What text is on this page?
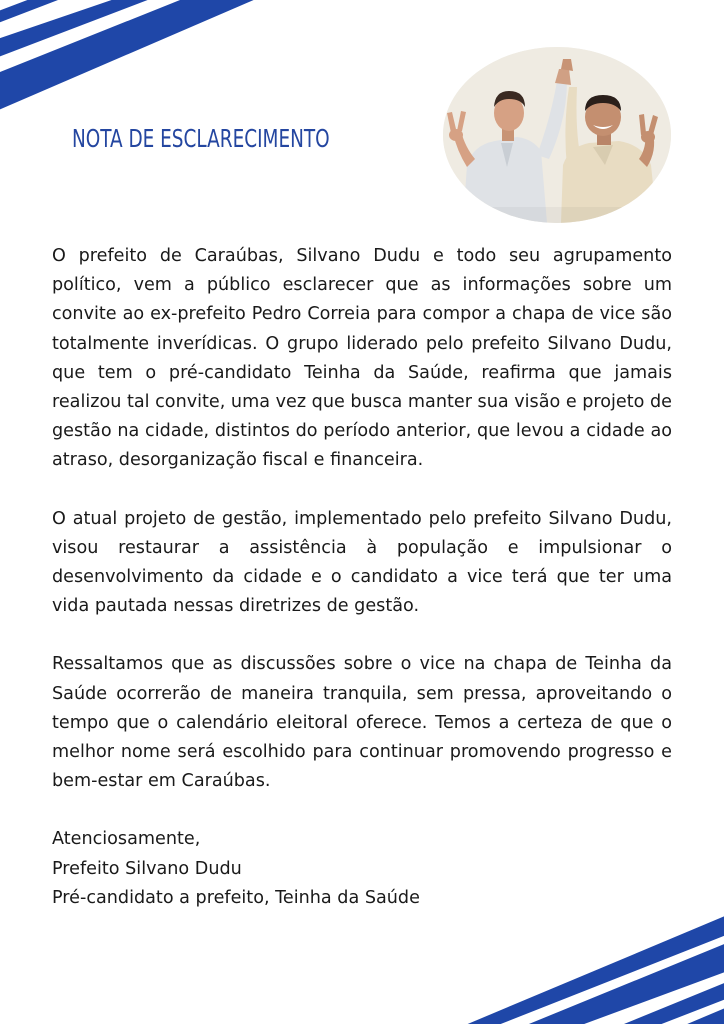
NOTA DE ESCLARECIMENTO

O prefeito de Caraúbas, Silvano Dudu e todo seu agrupamento político, vem a público esclarecer que as informações sobre um convite ao ex-prefeito Pedro Correia para compor a chapa de vice são totalmente inverídicas. O grupo liderado pelo prefeito Silvano Dudu, que tem o pré-candidato Teinha da Saúde, reafirma que jamais realizou tal convite, uma vez que busca manter sua visão e projeto de gestão na cidade, distintos do período anterior, que levou a cidade ao atraso, desorganização fiscal e financeira.

O atual projeto de gestão, implementado pelo prefeito Silvano Dudu, visou restaurar a assistência à população e impulsionar o desenvolvimento da cidade e o candidato a vice terá que ter uma vida pautada nessas diretrizes de gestão.

Ressaltamos que as discussões sobre o vice na chapa de Teinha da Saúde ocorrerão de maneira tranquila, sem pressa, aproveitando o tempo que o calendário eleitoral oferece. Temos a certeza de que o melhor nome será escolhido para continuar promovendo progresso e bem-estar em Caraúbas.

Atenciosamente,
Prefeito Silvano Dudu
Pré-candidato a prefeito, Teinha da Saúde
